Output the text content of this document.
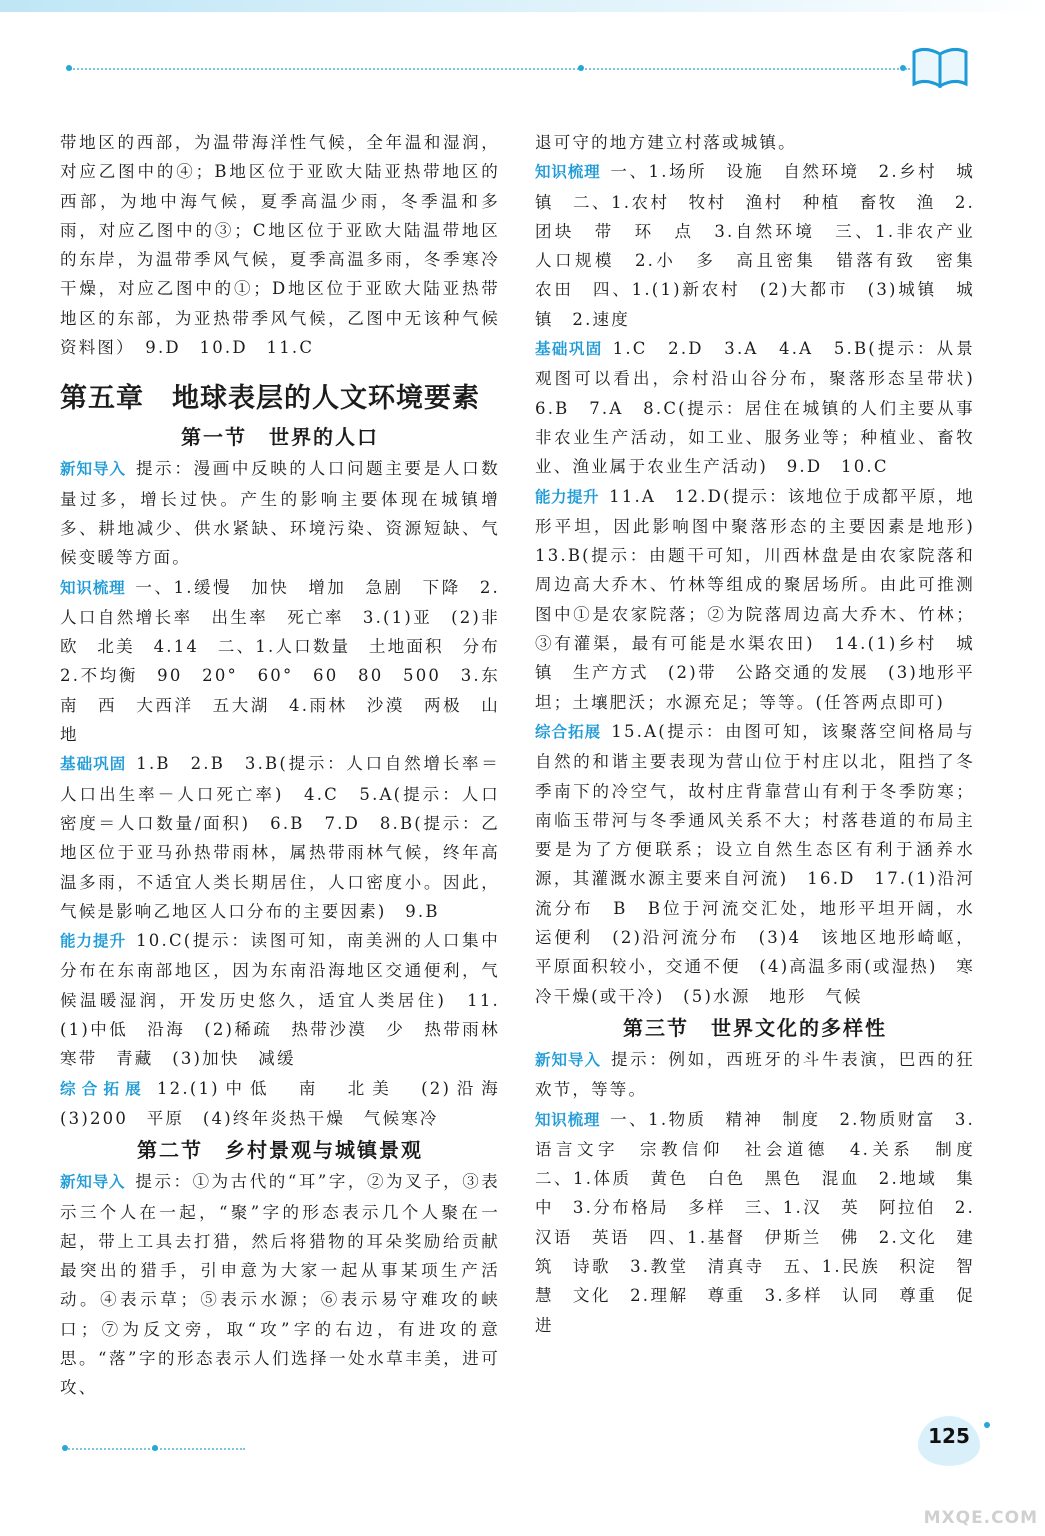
带地区的西部，为温带海洋性气候，全年温和湿润，对应乙图中的④；B地区位于亚欧大陆亚热带地区的西部，为地中海气候，夏季高温少雨，冬季温和多雨，对应乙图中的③；C地区位于亚欧大陆温带地区的东岸，为温带季风气候，夏季高温多雨，冬季寒冷干燥，对应乙图中的①；D地区位于亚欧大陆亚热带地区的东部，为亚热带季风气候，乙图中无该种气候资料图）　9.D　10.D　11.C

第五章　地球表层的人文环境要素
第一节　世界的人口

新知导入 提示：漫画中反映的人口问题主要是人口数量过多，增长过快。产生的影响主要体现在城镇增多、耕地减少、供水紧缺、环境污染、资源短缺、气候变暖等方面。

知识梳理 一、1.缓慢　加快　增加　急剧　下降　2.人口自然增长率　出生率　死亡率　3.(1)亚　(2)非　欧　北美　4.14　二、1.人口数量　土地面积　分布　2.不均衡　90　20°　60°　60　80　500　3.东　南　西　大西洋　五大湖　4.雨林　沙漠　两极　山地

基础巩固 1.B　2.B　3.B(提示：人口自然增长率＝人口出生率－人口死亡率)　4.C　5.A(提示：人口密度＝人口数量/面积)　6.B　7.D　8.B(提示：乙地区位于亚马孙热带雨林，属热带雨林气候，终年高温多雨，不适宜人类长期居住，人口密度小。因此，气候是影响乙地区人口分布的主要因素)　9.B

能力提升 10.C(提示：读图可知，南美洲的人口集中分布在东南部地区，因为东南沿海地区交通便利，气候温暖湿润，开发历史悠久，适宜人类居住)　11.(1)中低　沿海　(2)稀疏　热带沙漠　少　热带雨林　寒带　青藏　(3)加快　减缓

综合拓展 12.(1)中低　南　北美　(2)沿海　(3)200　平原　(4)终年炎热干燥　气候寒冷

第二节　乡村景观与城镇景观

新知导入 提示：①为古代的“耳”字，②为叉子，③表示三个人在一起，“聚”字的形态表示几个人聚在一起，带上工具去打猎，然后将猎物的耳朵奖励给贡献最突出的猎手，引申意为大家一起从事某项生产活动。④表示草；⑤表示水源；⑥表示易守难攻的峡口；⑦为反文旁，取“攻”字的右边，有进攻的意思。“落”字的形态表示人们选择一处水草丰美，进可攻、

退可守的地方建立村落或城镇。

知识梳理 一、1.场所　设施　自然环境　2.乡村　城镇　二、1.农村　牧村　渔村　种植　畜牧　渔　2.团块　带　环　点　3.自然环境　三、1.非农产业　人口规模　2.小　多　高且密集　错落有致　密集　农田　四、1.(1)新农村　(2)大都市　(3)城镇　城镇　2.速度

基础巩固 1.C　2.D　3.A　4.A　5.B(提示：从景观图可以看出，佘村沿山谷分布，聚落形态呈带状)　6.B　7.A　8.C(提示：居住在城镇的人们主要从事非农业生产活动，如工业、服务业等；种植业、畜牧业、渔业属于农业生产活动)　9.D　10.C

能力提升 11.A　12.D(提示：该地位于成都平原，地形平坦，因此影响图中聚落形态的主要因素是地形)　13.B(提示：由题干可知，川西林盘是由农家院落和周边高大乔木、竹林等组成的聚居场所。由此可推测图中①是农家院落；②为院落周边高大乔木、竹林；③有灌渠，最有可能是水渠农田)　14.(1)乡村　城镇　生产方式　(2)带　公路交通的发展　(3)地形平坦；土壤肥沃；水源充足；等等。(任答两点即可)

综合拓展 15.A(提示：由图可知，该聚落空间格局与自然的和谐主要表现为营山位于村庄以北，阻挡了冬季南下的冷空气，故村庄背靠营山有利于冬季防寒；南临玉带河与冬季通风关系不大；村落巷道的布局主要是为了方便联系；设立自然生态区有利于涵养水源，其灌溉水源主要来自河流)　16.D　17.(1)沿河流分布　B　B位于河流交汇处，地形平坦开阔，水运便利　(2)沿河流分布　(3)4　该地区地形崎岖，平原面积较小，交通不便　(4)高温多雨(或湿热)　寒冷干燥(或干冷)　(5)水源　地形　气候

第三节　世界文化的多样性

新知导入 提示：例如，西班牙的斗牛表演，巴西的狂欢节，等等。

知识梳理 一、1.物质　精神　制度　2.物质财富　3.语言文字　宗教信仰　社会道德　4.关系　制度　二、1.体质　黄色　白色　黑色　混血　2.地域　集中　3.分布格局　多样　三、1.汉　英　阿拉伯　2.汉语　英语　四、1.基督　伊斯兰　佛　2.文化　建筑　诗歌　3.教堂　清真寺　五、1.民族　积淀　智慧　文化　2.理解　尊重　3.多样　认同　尊重　促进

125
MXQE.COM
